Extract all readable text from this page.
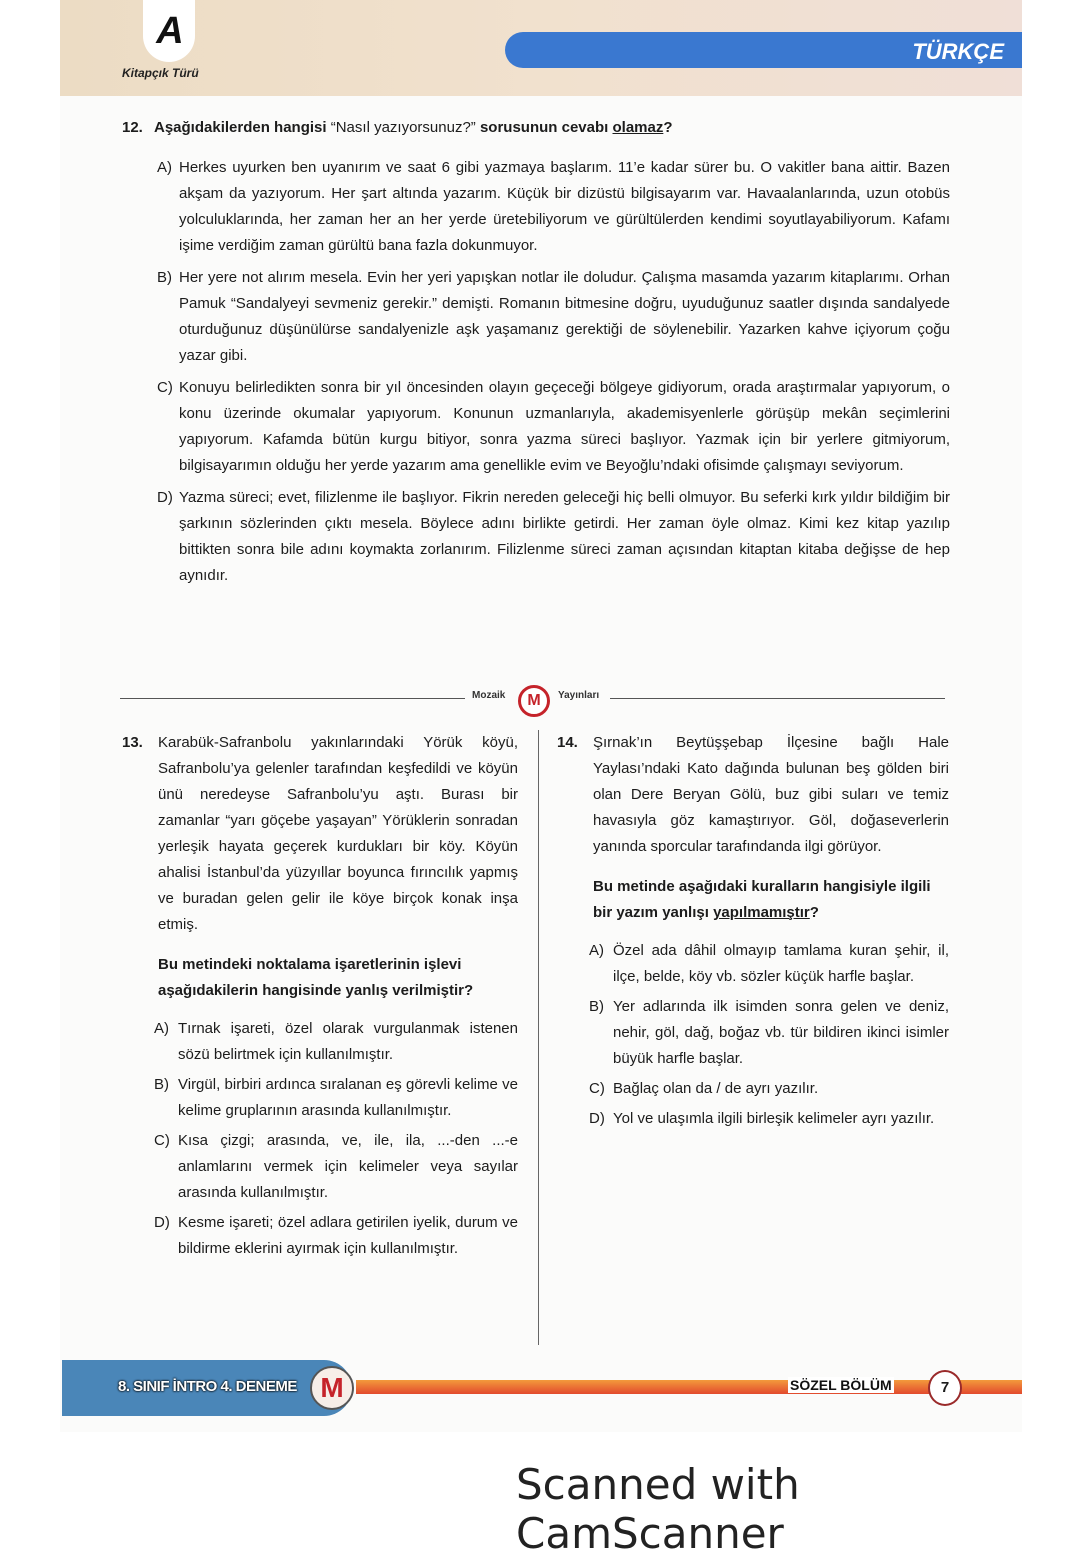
A
Kitapçık Türü
TÜRKÇE
12. Aşağıdakilerden hangisi “Nasıl yazıyorsunuz?” sorusunun cevabı olamaz?
A) Herkes uyurken ben uyanırım ve saat 6 gibi yazmaya başlarım. 11’e kadar sürer bu. O vakitler bana aittir. Bazen akşam da yazıyorum. Her şart altında yazarım. Küçük bir dizüstü bilgisayarım var. Havaalanlarında, uzun otobüs yolculuklarında, her zaman her an her yerde üretebiliyorum ve gürültülerden kendimi soyutlayabiliyorum. Kafamı işime verdiğim zaman gürültü bana fazla dokunmuyor.
B) Her yere not alırım mesela. Evin her yeri yapışkan notlar ile doludur. Çalışma masamda yazarım kitaplarımı. Orhan Pamuk “Sandalyeyi sevmeniz gerekir.” demişti. Romanın bitmesine doğru, uyuduğunuz saatler dışında sandalyede oturduğunuz düşünülürse sandalyenizle aşk yaşamanız gerektiği de söylenebilir. Yazarken kahve içiyorum çoğu yazar gibi.
C) Konuyu belirledikten sonra bir yıl öncesinden olayın geçeceği bölgeye gidiyorum, orada araştırmalar yapıyorum, o konu üzerinde okumalar yapıyorum. Konunun uzmanlarıyla, akademisyenlerle görüşüp mekân seçimlerini yapıyorum. Kafamda bütün kurgu bitiyor, sonra yazma süreci başlıyor. Yazmak için bir yerlere gitmiyorum, bilgisayarımın olduğu her yerde yazarım ama genellikle evim ve Beyoğlu’ndaki ofisimde çalışmayı seviyorum.
D) Yazma süreci; evet, filizlenme ile başlıyor. Fikrin nereden geleceği hiç belli olmuyor. Bu seferki kırk yıldır bildiğim bir şarkının sözlerinden çıktı mesela. Böylece adını birlikte getirdi. Her zaman öyle olmaz. Kimi kez kitap yazılıp bittikten sonra bile adını koymakta zorlanırım. Filizlenme süreci zaman açısından kitaptan kitaba değişse de hep aynıdır.
Mozaik	M	Yayınları
13.	Karabük-Safranbolu yakınlarındaki Yörük köyü, Safranbolu’ya gelenler tarafından keşfedildi ve köyün ünü neredeyse Safranbolu’yu aştı. Burası bir zamanlar “yarı göçebe yaşayan” Yörüklerin sonradan yerleşik hayata geçerek kurdukları bir köy. Köyün ahalisi İstanbul’da yüzyıllar boyunca fırıncılık yapmış ve buradan gelen gelir ile köye birçok konak inşa etmiş.
Bu metindeki noktalama işaretlerinin işlevi aşağıdakilerin hangisinde yanlış verilmiştir?
A) Tırnak işareti, özel olarak vurgulanmak istenen sözü belirtmek için kullanılmıştır.
B) Virgül, birbiri ardınca sıralanan eş görevli kelime ve kelime gruplarının arasında kullanılmıştır.
C) Kısa çizgi; arasında, ve, ile, ila, ...-den ...-e anlamlarını vermek için kelimeler veya sayılar arasında kullanılmıştır.
D) Kesme işareti; özel adlara getirilen iyelik, durum ve bildirme eklerini ayırmak için kullanılmıştır.
14.	Şırnak’ın Beytüşşebap İlçesine bağlı Hale Yaylası’ndaki Kato dağında bulunan beş gölden biri olan Dere Beryan Gölü, buz gibi suları ve temiz havasıyla göz kamaştırıyor. Göl, doğaseverlerin yanında sporcular tarafındanda ilgi görüyor.
Bu metinde aşağıdaki kuralların hangisiyle ilgili bir yazım yanlışı yapılmamıştır?
A) Özel ada dâhil olmayıp tamlama kuran şehir, il, ilçe, belde, köy vb. sözler küçük harfle başlar.
B) Yer adlarında ilk isimden sonra gelen ve deniz, nehir, göl, dağ, boğaz vb. tür bildiren ikinci isimler büyük harfle başlar.
C) Bağlaç olan da / de ayrı yazılır.
D) Yol ve ulaşımla ilgili birleşik kelimeler ayrı yazılır.
8. SINIF İNTRO 4. DENEME M	SÖZEL BÖLÜM	7
Scanned with CamScanner
